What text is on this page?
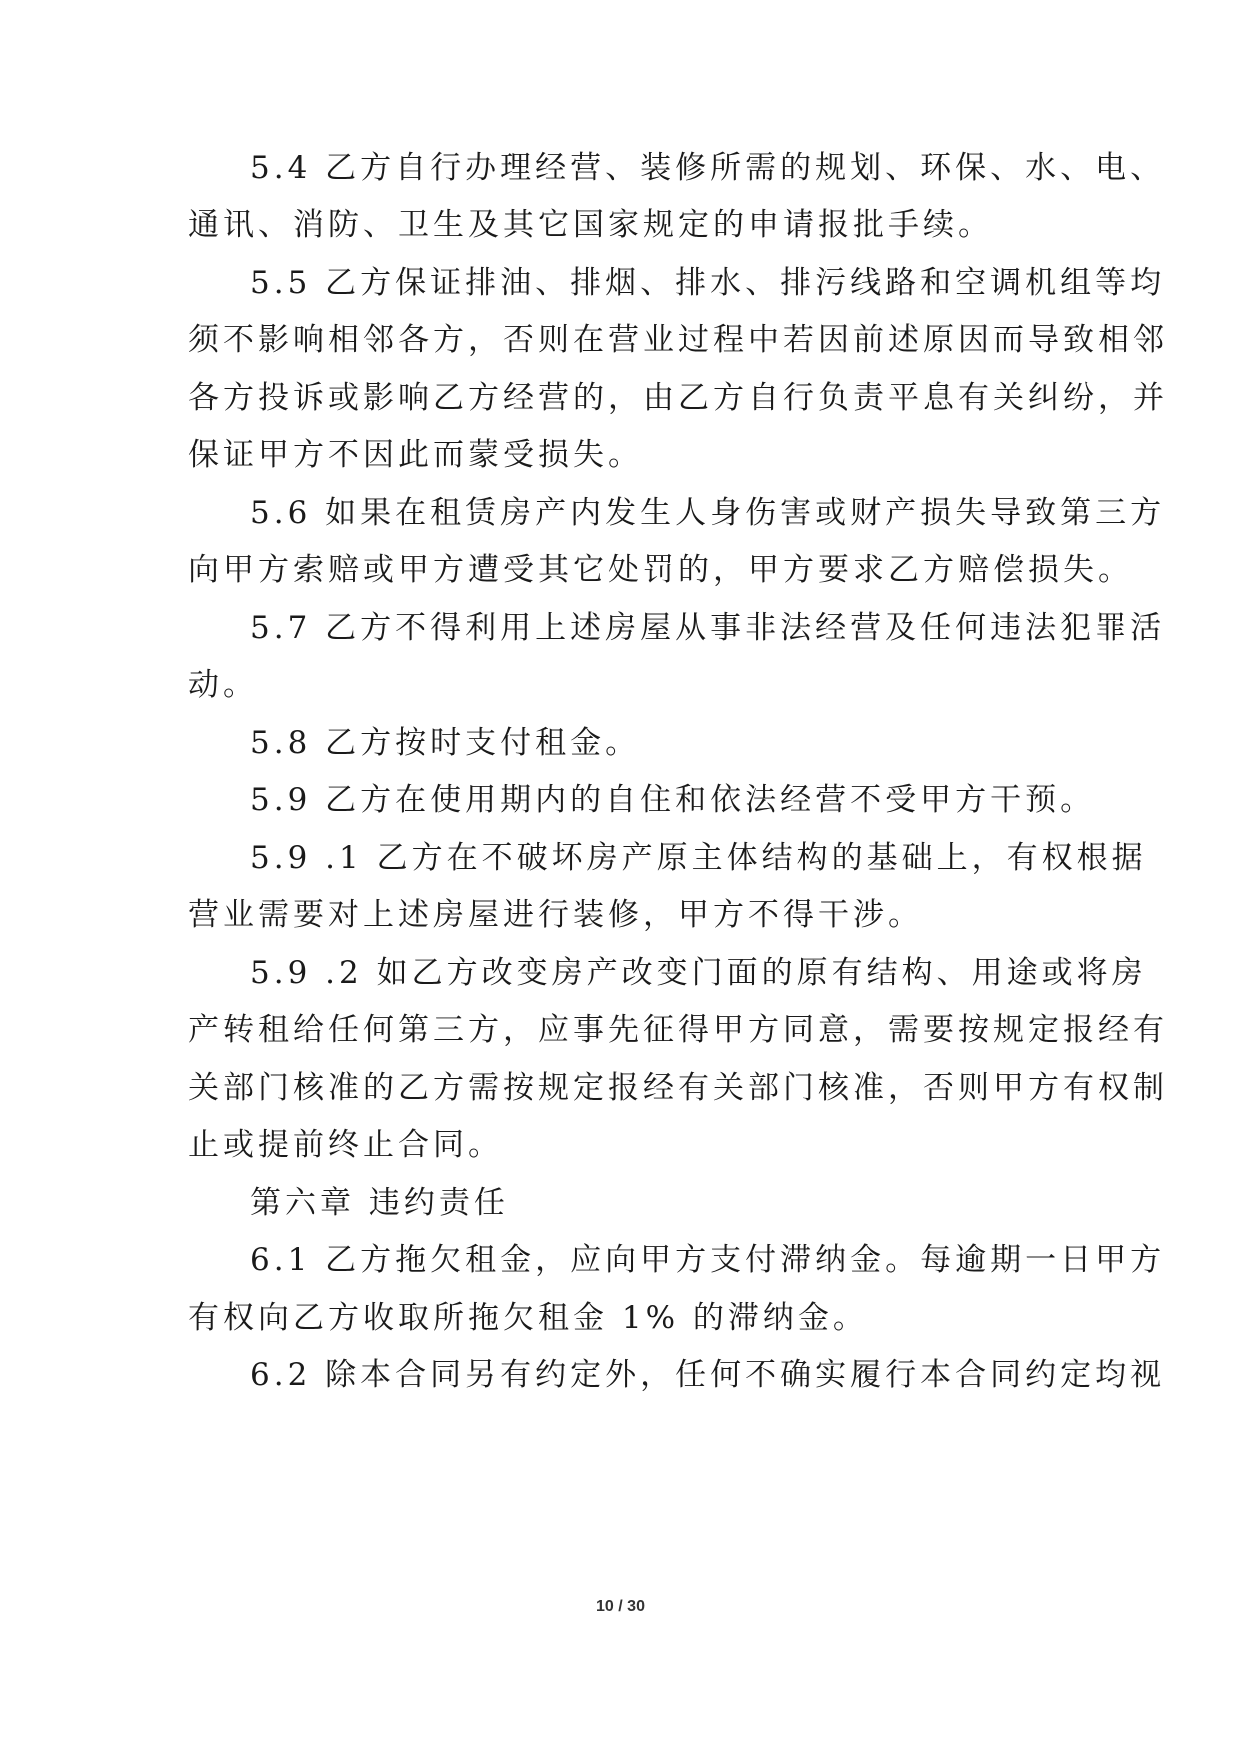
5.4 乙方自行办理经营、装修所需的规划、环保、水、电、

通讯、消防、卫生及其它国家规定的申请报批手续。

5.5 乙方保证排油、排烟、排水、排污线路和空调机组等均

须不影响相邻各方，否则在营业过程中若因前述原因而导致相邻

各方投诉或影响乙方经营的，由乙方自行负责平息有关纠纷，并

保证甲方不因此而蒙受损失。

5.6 如果在租赁房产内发生人身伤害或财产损失导致第三方

向甲方索赔或甲方遭受其它处罚的，甲方要求乙方赔偿损失。

5.7 乙方不得利用上述房屋从事非法经营及任何违法犯罪活

动。

5.8 乙方按时支付租金。

5.9 乙方在使用期内的自住和依法经营不受甲方干预。

5.9 .1 乙方在不破坏房产原主体结构的基础上，有权根据

营业需要对上述房屋进行装修，甲方不得干涉。

5.9 .2 如乙方改变房产改变门面的原有结构、用途或将房

产转租给任何第三方，应事先征得甲方同意，需要按规定报经有

关部门核准的乙方需按规定报经有关部门核准，否则甲方有权制

止或提前终止合同。

第六章 违约责任

6.1 乙方拖欠租金，应向甲方支付滞纳金。每逾期一日甲方

有权向乙方收取所拖欠租金 1% 的滞纳金。

6.2 除本合同另有约定外，任何不确实履行本合同约定均视

10 / 30
